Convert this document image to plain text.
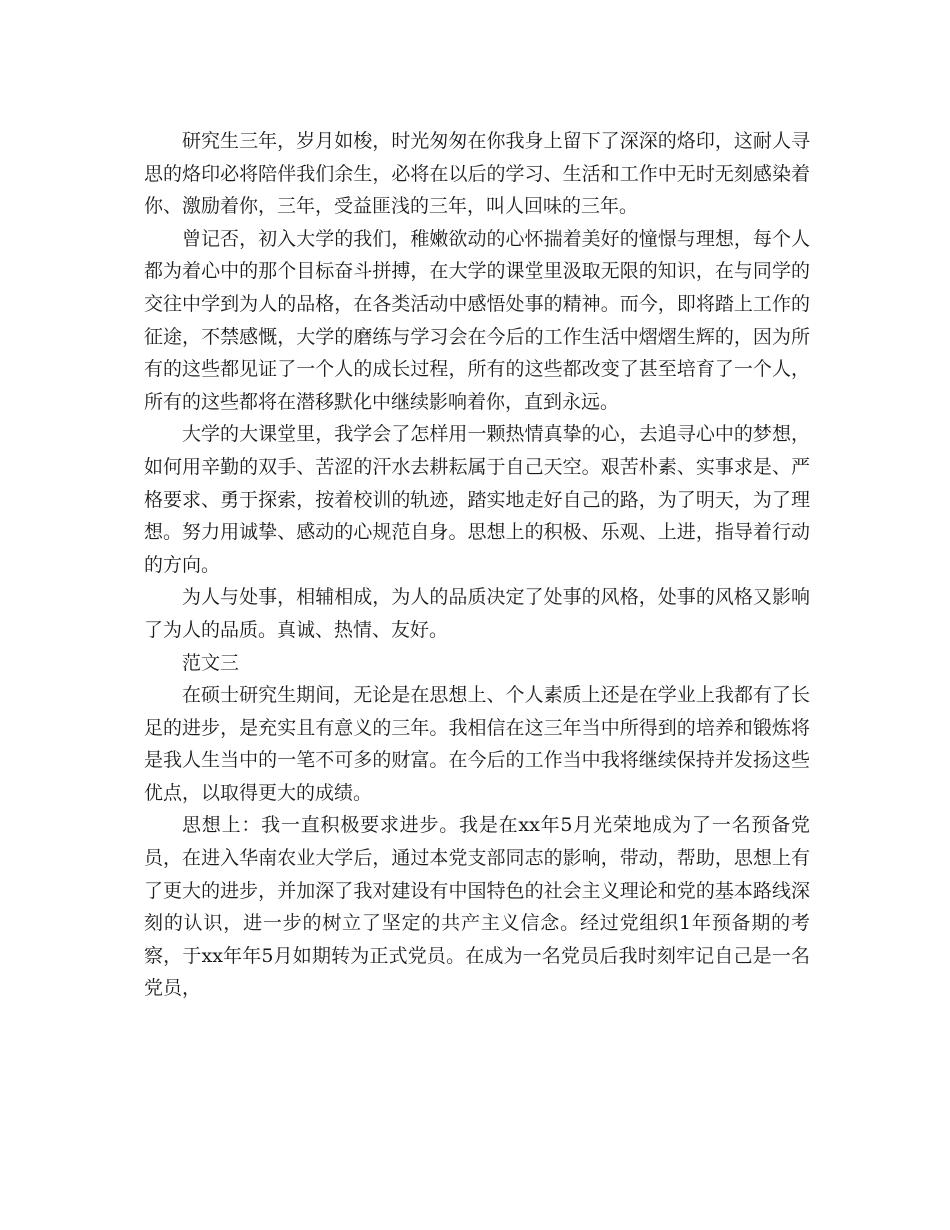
研究生三年，岁月如梭，时光匆匆在你我身上留下了深深的烙印，这耐人寻思的烙印必将陪伴我们余生，必将在以后的学习、生活和工作中无时无刻感染着你、激励着你，三年，受益匪浅的三年，叫人回味的三年。

曾记否，初入大学的我们，稚嫩欲动的心怀揣着美好的憧憬与理想，每个人都为着心中的那个目标奋斗拼搏，在大学的课堂里汲取无限的知识，在与同学的交往中学到为人的品格，在各类活动中感悟处事的精神。而今，即将踏上工作的征途，不禁感慨，大学的磨练与学习会在今后的工作生活中熠熠生辉的，因为所有的这些都见证了一个人的成长过程，所有的这些都改变了甚至培育了一个人，所有的这些都将在潜移默化中继续影响着你，直到永远。

大学的大课堂里，我学会了怎样用一颗热情真挚的心，去追寻心中的梦想，如何用辛勤的双手、苦涩的汗水去耕耘属于自己天空。艰苦朴素、实事求是、严格要求、勇于探索，按着校训的轨迹，踏实地走好自己的路，为了明天，为了理想。努力用诚挚、感动的心规范自身。思想上的积极、乐观、上进，指导着行动的方向。

为人与处事，相辅相成，为人的品质决定了处事的风格，处事的风格又影响了为人的品质。真诚、热情、友好。

范文三

在硕士研究生期间，无论是在思想上、个人素质上还是在学业上我都有了长足的进步，是充实且有意义的三年。我相信在这三年当中所得到的培养和锻炼将是我人生当中的一笔不可多的财富。在今后的工作当中我将继续保持并发扬这些优点，以取得更大的成绩。

思想上：我一直积极要求进步。我是在xx年5月光荣地成为了一名预备党员，在进入华南农业大学后，通过本党支部同志的影响，带动，帮助，思想上有了更大的进步，并加深了我对建设有中国特色的社会主义理论和党的基本路线深刻的认识，进一步的树立了坚定的共产主义信念。经过党组织1年预备期的考察，于xx年年5月如期转为正式党员。在成为一名党员后我时刻牢记自己是一名党员，
